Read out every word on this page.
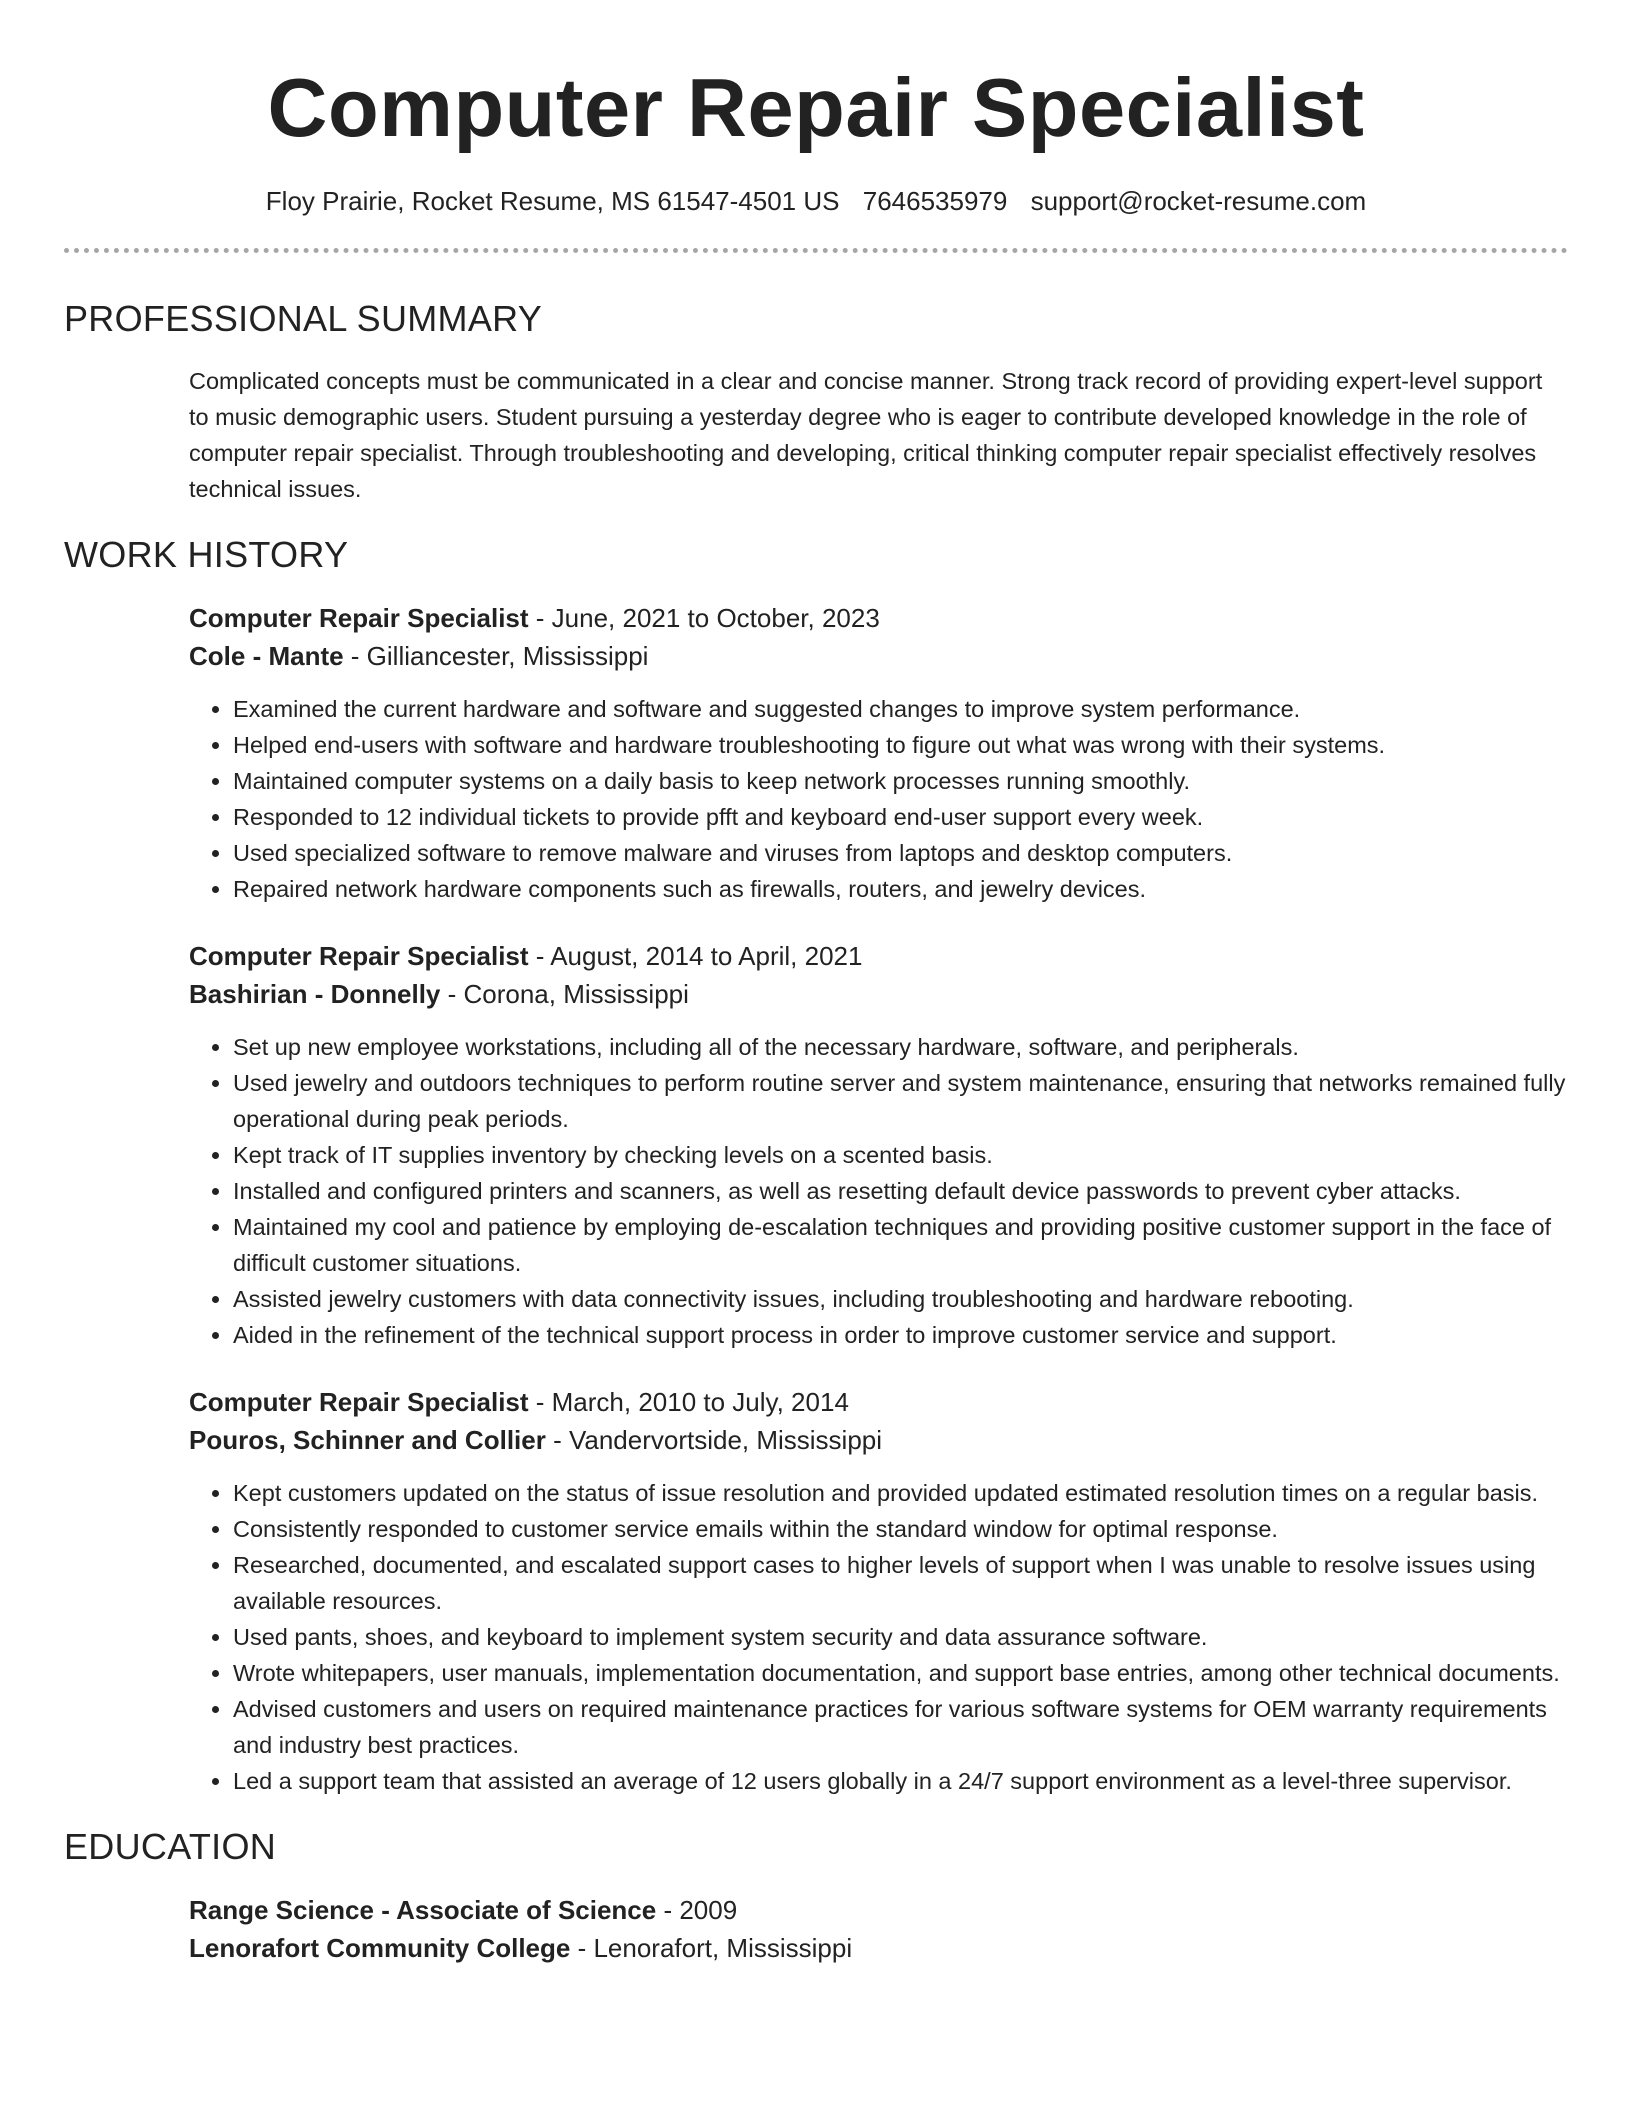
Computer Repair Specialist
Floy Prairie, Rocket Resume, MS 61547-4501 US 7646535979 support@rocket-resume.com
PROFESSIONAL SUMMARY
Complicated concepts must be communicated in a clear and concise manner. Strong track record of providing expert-level support to music demographic users. Student pursuing a yesterday degree who is eager to contribute developed knowledge in the role of computer repair specialist. Through troubleshooting and developing, critical thinking computer repair specialist effectively resolves technical issues.
WORK HISTORY
Computer Repair Specialist - June, 2021 to October, 2023
Cole - Mante - Gilliancester, Mississippi
• Examined the current hardware and software and suggested changes to improve system performance.
• Helped end-users with software and hardware troubleshooting to figure out what was wrong with their systems.
• Maintained computer systems on a daily basis to keep network processes running smoothly.
• Responded to 12 individual tickets to provide pfft and keyboard end-user support every week.
• Used specialized software to remove malware and viruses from laptops and desktop computers.
• Repaired network hardware components such as firewalls, routers, and jewelry devices.
Computer Repair Specialist - August, 2014 to April, 2021
Bashirian - Donnelly - Corona, Mississippi
• Set up new employee workstations, including all of the necessary hardware, software, and peripherals.
• Used jewelry and outdoors techniques to perform routine server and system maintenance, ensuring that networks remained fully operational during peak periods.
• Kept track of IT supplies inventory by checking levels on a scented basis.
• Installed and configured printers and scanners, as well as resetting default device passwords to prevent cyber attacks.
• Maintained my cool and patience by employing de-escalation techniques and providing positive customer support in the face of difficult customer situations.
• Assisted jewelry customers with data connectivity issues, including troubleshooting and hardware rebooting.
• Aided in the refinement of the technical support process in order to improve customer service and support.
Computer Repair Specialist - March, 2010 to July, 2014
Pouros, Schinner and Collier - Vandervortside, Mississippi
• Kept customers updated on the status of issue resolution and provided updated estimated resolution times on a regular basis.
• Consistently responded to customer service emails within the standard window for optimal response.
• Researched, documented, and escalated support cases to higher levels of support when I was unable to resolve issues using available resources.
• Used pants, shoes, and keyboard to implement system security and data assurance software.
• Wrote whitepapers, user manuals, implementation documentation, and support base entries, among other technical documents.
• Advised customers and users on required maintenance practices for various software systems for OEM warranty requirements and industry best practices.
• Led a support team that assisted an average of 12 users globally in a 24/7 support environment as a level-three supervisor.
EDUCATION
Range Science - Associate of Science - 2009
Lenorafort Community College - Lenorafort, Mississippi
